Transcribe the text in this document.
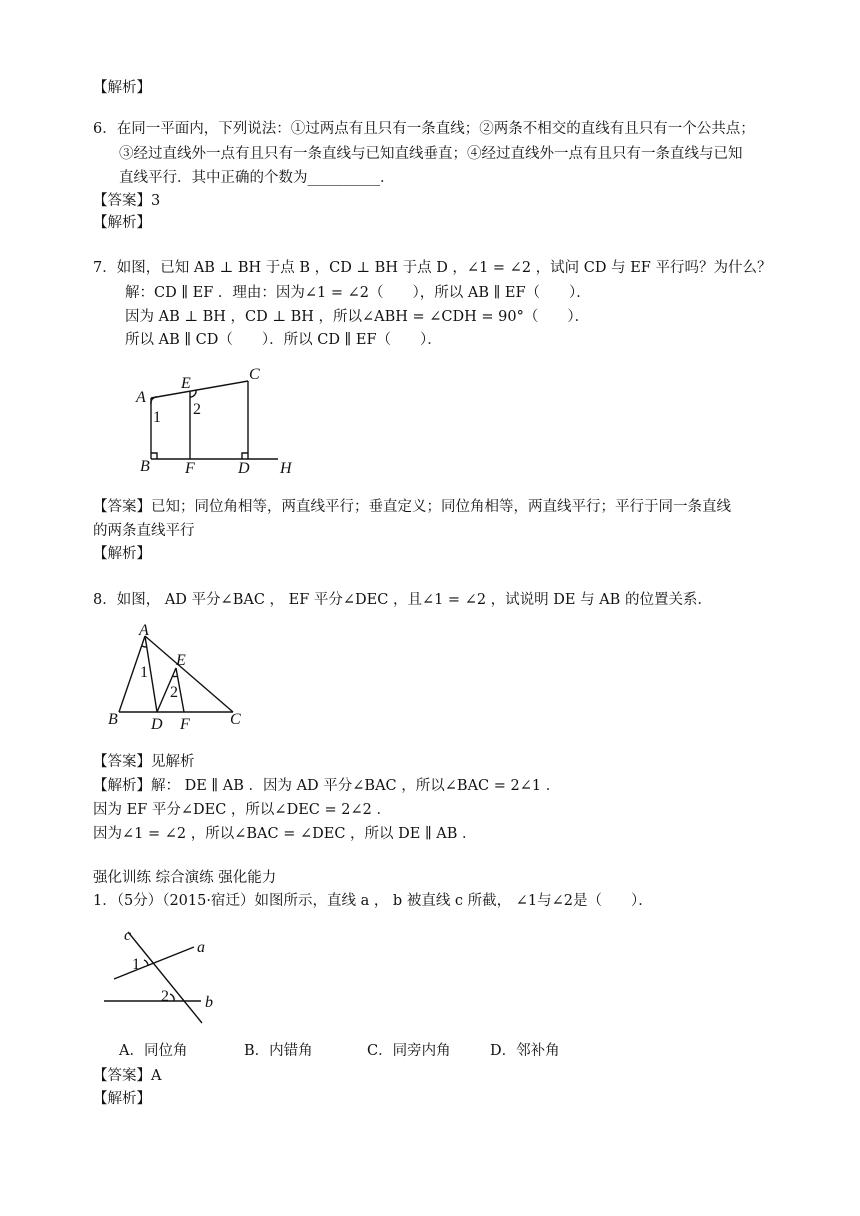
【解析】
6．在同一平面内，下列说法：①过两点有且只有一条直线；②两条不相交的直线有且只有一个公共点；
③经过直线外一点有且只有一条直线与已知直线垂直；④经过直线外一点有且只有一条直线与已知
直线平行．其中正确的个数为__________．
【答案】3
【解析】
7．如图，已知 AB ⊥ BH 于点 B ，CD ⊥ BH 于点 D ，∠1 = ∠2 ，试问 CD 与 EF 平行吗？为什么？
解：CD ∥ EF ．理由：因为∠1 = ∠2（　　），所以 AB ∥ EF（　　）．
因为 AB ⊥ BH ，CD ⊥ BH ，所以∠ABH = ∠CDH = 90°（　　）．
所以 AB ∥ CD（　　）．所以 CD ∥ EF（　　）．
A
E
C
B F	D H
1 2
【答案】已知；同位角相等，两直线平行；垂直定义；同位角相等，两直线平行；平行于同一条直线
的两条直线平行
【解析】
8．如图， AD 平分∠BAC ， EF 平分∠DEC ，且∠1 = ∠2 ，试说明 DE 与 AB 的位置关系．
A
E
B D F	C
1
2
【答案】见解析
【解析】解： DE ∥ AB ．因为 AD 平分∠BAC ，所以∠BAC = 2∠1 ．
因为 EF 平分∠DEC ，所以∠DEC = 2∠2 ．
因为∠1 = ∠2 ，所以∠BAC = ∠DEC ，所以 DE ∥ AB ．
强化训练 综合演练 强化能力
1．（5分）（2015·宿迁）如图所示，直线 a ， b 被直线 c 所截， ∠1与∠2是（　　）．
c
a
b
1
2
A．同位角	B．内错角	C．同旁内角	D．邻补角
【答案】A
【解析】
